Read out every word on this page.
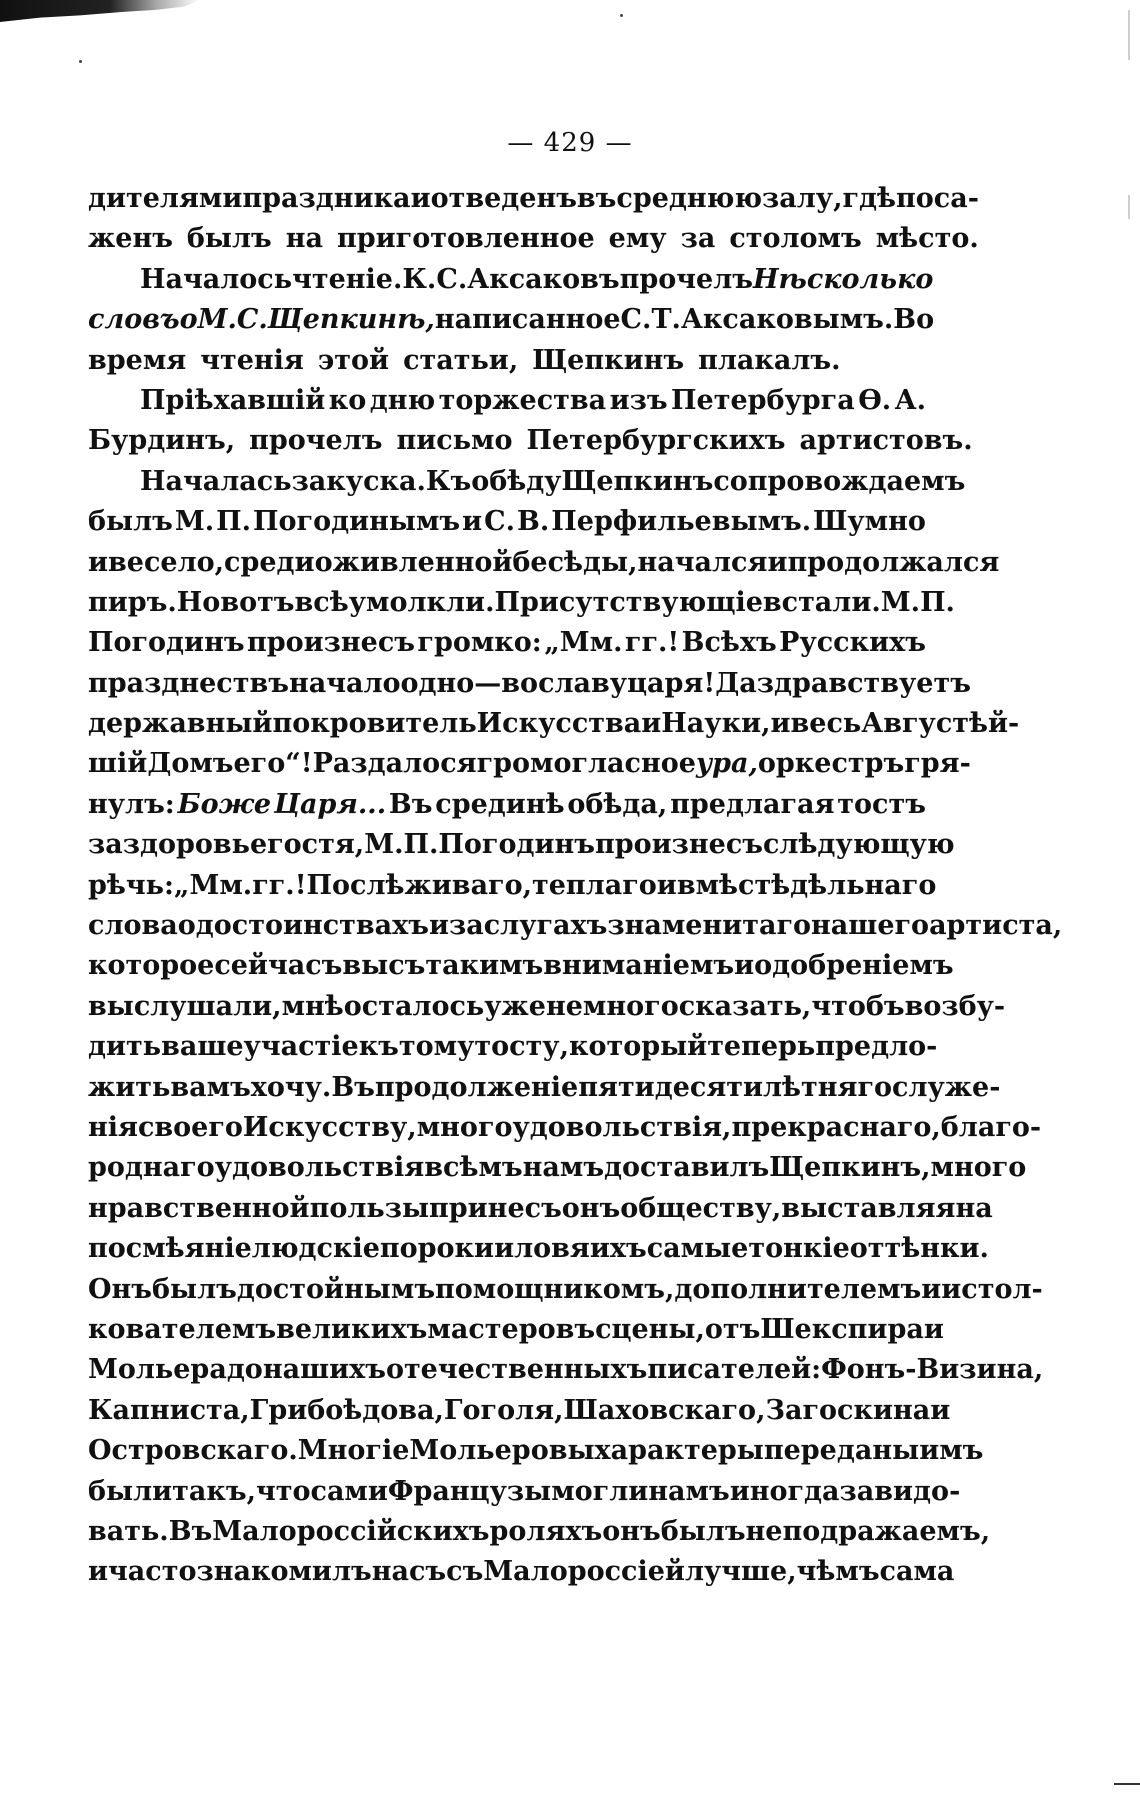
— 429 —
дителями праздника и отведенъ въ среднюю залу, гдѣ поса-
женъ былъ на приготовленное ему за столомъ мѣсто.
Началось чтеніе. К. С. Аксаковъ прочелъ Нѣсколько
словъ о М. С. Щепкинѣ, написанное С. Т. Аксаковымъ. Во
время чтенія этой статьи, Щепкинъ плакалъ.
Пріѣхавшій ко дню торжества изъ Петербурга Ѳ. А.
Бурдинъ, прочелъ письмо Петербургскихъ артистовъ.
Началась закуска. Къ обѣду Щепкинъ сопровождаемъ
былъ М. П. Погодинымъ и С. В. Перфильевымъ. Шумно
и весело, среди оживленной бесѣды, начался и продолжался
пиръ. Но вотъ всѣ умолкли. Присутствующіе встали. М. П.
Погодинъ произнесъ громко: „Мм. гг.! Всѣхъ Русскихъ
празднествъ начало одно — во славу царя! Да здравствуетъ
державный покровитель Искусства и Науки, и весь Августѣй-
шій Домъ его“! Раздалося громогласное ура, оркестръ гря-
нулъ: Боже Царя... Въ срединѣ обѣда, предлагая тостъ
за здоровье гостя, М. П. Погодинъ произнесъ слѣдующую
рѣчь: „Мм. гг.! Послѣ живаго, теплаго и вмѣстѣ дѣльнаго
слова о достоинствахъ и заслугахъ знаменитаго нашего артиста,
которое сейчасъ вы съ такимъ вниманіемъ и одобреніемъ
выслушали, мнѣ осталось уже немного сказать, чтобъ возбу-
дить ваше участіе къ тому тосту, который теперь предло-
жить вамъ хочу. Въ продолженіе пятидесятилѣтняго служе-
нія своего Искусству, много удовольствія, прекраснаго, благо-
роднаго удовольствія всѣмъ намъ доставилъ Щепкинъ, много
нравственной пользы принесъ онъ обществу, выставляя на
посмѣяніе людскіе пороки и ловя ихъ самые тонкіе оттѣнки.
Онъ былъ достойнымъ помощникомъ, дополнителемъ и истол-
кователемъ великихъ мастеровъ сцены, отъ Шекспира и
Мольера до нашихъ отечественныхъ писателей: Фонъ-Визина,
Капниста, Грибоѣдова, Гоголя, Шаховскаго, Загоскина и
Островскаго. Многіе Мольеровы характеры переданы имъ
были такъ, что сами Французы могли намъ иногда завидо-
вать. Въ Малороссійскихъ роляхъ онъ былъ неподражаемъ,
и часто знакомилъ насъ съ Малороссіей лучше, чѣмъ сама
